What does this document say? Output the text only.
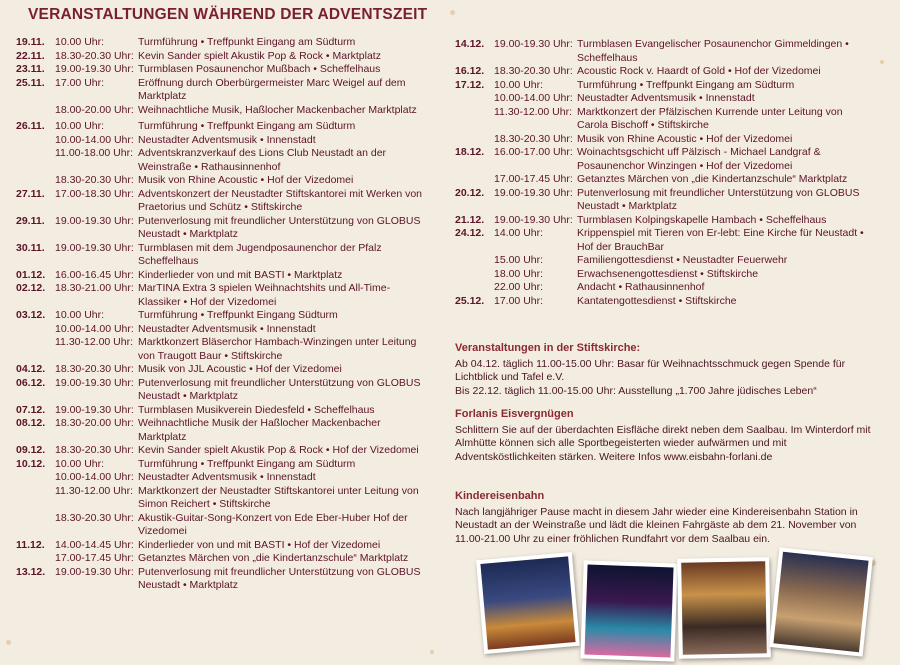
VERANSTALTUNGEN WÄHREND DER ADVENTSZEIT
19.11. 10.00 Uhr:	Turmführung • Treffpunkt Eingang am Südturm
22.11. 18.30-20.30 Uhr: Kevin Sander spielt Akustik Pop & Rock • Marktplatz
23.11. 19.00-19.30 Uhr: Turmblasen Posaunenchor Mußbach • Scheffelhaus
25.11. 17.00 Uhr:	Eröffnung durch Oberbürgermeister Marc Weigel auf dem Marktplatz
18.00-20.00 Uhr: Weihnachtliche Musik, Haßlocher Mackenbacher Marktplatz
26.11. 10.00 Uhr:	Turmführung • Treffpunkt Eingang am Südturm
10.00-14.00 Uhr: Neustadter Adventsmusik • Innenstadt
11.00-18.00 Uhr: Adventskranzverkauf des Lions Club Neustadt an der Weinstraße • Rathausinnenhof
18.30-20.30 Uhr: Musik von Rhine Acoustic • Hof der Vizedomei
27.11. 17.00-18.30 Uhr: Adventskonzert der Neustadter Stiftskantorei mit Werken von Praetorius und Schütz • Stiftskirche
29.11. 19.00-19.30 Uhr: Putenverlosung mit freundlicher Unterstützung von GLOBUS Neustadt • Marktplatz
30.11. 19.00-19.30 Uhr: Turmblasen mit dem Jugendposaunenchor der Pfalz Scheffelhaus
01.12. 16.00-16.45 Uhr: Kinderlieder von und mit BASTI • Marktplatz
02.12. 18.30-21.00 Uhr: MarTINA Extra 3 spielen Weihnachtshits und All-Time-Klassiker • Hof der Vizedomei
03.12. 10.00 Uhr:	Turmführung • Treffpunkt Eingang Südturm
10.00-14.00 Uhr: Neustadter Adventsmusik • Innenstadt
11.30-12.00 Uhr: Marktkonzert Bläserchor Hambach-Winzingen unter Leitung von Traugott Baur • Stiftskirche
04.12. 18.30-20.30 Uhr: Musik von JJL Acoustic • Hof der Vizedomei
06.12. 19.00-19.30 Uhr: Putenverlosung mit freundlicher Unterstützung von GLOBUS Neustadt • Marktplatz
07.12. 19.00-19.30 Uhr: Turmblasen Musikverein Diedesfeld • Scheffelhaus
08.12. 18.30-20.00 Uhr: Weihnachtliche Musik der Haßlocher Mackenbacher Marktplatz
09.12. 18.30-20.30 Uhr: Kevin Sander spielt Akustik Pop & Rock • Hof der Vizedomei
10.12. 10.00 Uhr:	Turmführung • Treffpunkt Eingang am Südturm
10.00-14.00 Uhr: Neustadter Adventsmusik • Innenstadt
11.30-12.00 Uhr: Marktkonzert der Neustadter Stiftskantorei unter Leitung von Simon Reichert • Stiftskirche
18.30-20.30 Uhr: Akustik-Guitar-Song-Konzert von Ede Eber-Huber Hof der Vizedomei
11.12. 14.00-14.45 Uhr: Kinderlieder von und mit BASTI • Hof der Vizedomei
17.00-17.45 Uhr: Getanztes Märchen von „die Kindertanzschule“ Marktplatz
13.12. 19.00-19.30 Uhr: Putenverlosung mit freundlicher Unterstützung von GLOBUS Neustadt • Marktplatz
14.12. 19.00-19.30 Uhr: Turmblasen Evangelischer Posaunenchor Gimmeldingen • Scheffelhaus
16.12. 18.30-20.30 Uhr: Acoustic Rock v. Haardt of Gold • Hof der Vizedomei
17.12. 10.00 Uhr:	Turmführung • Treffpunkt Eingang am Südturm
10.00-14.00 Uhr: Neustadter Adventsmusik • Innenstadt
11.30-12.00 Uhr: Marktkonzert der Pfälzischen Kurrende unter Leitung von Carola Bischoff • Stiftskirche
18.30-20.30 Uhr: Musik von Rhine Acoustic • Hof der Vizedomei
18.12. 16.00-17.00 Uhr: Woinachtsgschicht uff Pälzisch - Michael Landgraf & Posaunenchor Winzingen • Hof der Vizedomei
17.00-17.45 Uhr: Getanztes Märchen von „die Kindertanzschule“ Marktplatz
20.12. 19.00-19.30 Uhr: Putenverlosung mit freundlicher Unterstützung von GLOBUS Neustadt • Marktplatz
21.12. 19.00-19.30 Uhr: Turmblasen Kolpingskapelle Hambach • Scheffelhaus
24.12. 14.00 Uhr:	Krippenspiel mit Tieren von Er-lebt: Eine Kirche für Neustadt • Hof der BrauchBar
15.00 Uhr:	Familiengottesdienst • Neustadter Feuerwehr
18.00 Uhr:	Erwachsenengottesdienst • Stiftskirche
22.00 Uhr:	Andacht • Rathausinnenhof
25.12. 17.00 Uhr:	Kantatengottesdienst • Stiftskirche
Veranstaltungen in der Stiftskirche:
Ab 04.12. täglich 11.00-15.00 Uhr: Basar für Weihnachtsschmuck gegen Spende für Lichtblick und Tafel e.V.
Bis 22.12. täglich 11.00-15.00 Uhr: Ausstellung „1.700 Jahre jüdisches Leben“
Forlanis Eisvergnügen
Schlittern Sie auf der überdachten Eisfläche direkt neben dem Saalbau. Im Winterdorf mit Almhütte können sich alle Sportbegeisterten wieder aufwärmen und mit Adventsköstlichkeiten stärken. Weitere Infos www.eisbahn-forlani.de
Kindereisenbahn
Nach langjähriger Pause macht in diesem Jahr wieder eine Kindereisenbahn Station in Neustadt an der Weinstraße und lädt die kleinen Fahrgäste ab dem 21. November von 11.00-21.00 Uhr zu einer fröhlichen Rundfahrt vor dem Saalbau ein.
